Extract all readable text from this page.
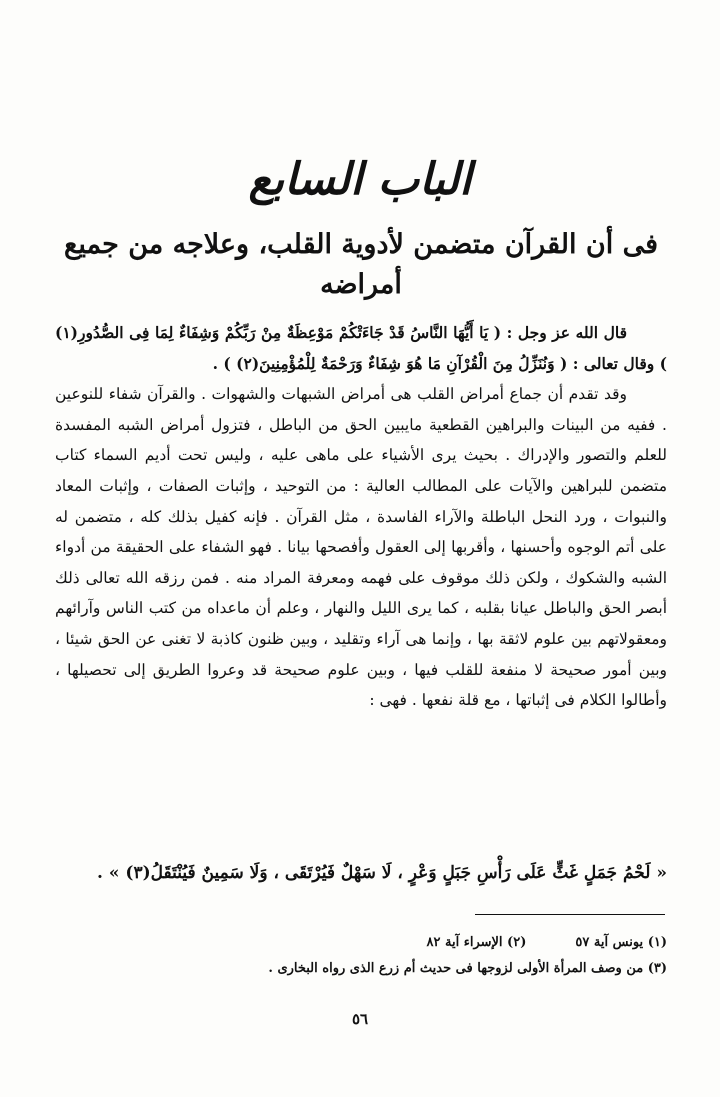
الباب السابع
فى أن القرآن متضمن لأدوية القلب، وعلاجه من جميع أمراضه

قال الله عز وجل : ( يَا أَيُّهَا النَّاسُ قَدْ جَاءَتْكُمْ مَوْعِظَةٌ مِنْ رَبِّكُمْ وَشِفَاءٌ لِمَا فِى الصُّدُورِ(١) ) وقال تعالى : ( وَنُنَزِّلُ مِنَ الْقُرْآنِ مَا هُوَ شِفَاءٌ وَرَحْمَةٌ لِلْمُؤْمِنِينَ(٢) ) .

وقد تقدم أن جماع أمراض القلب هى أمراض الشبهات والشهوات . والقرآن شفاء للنوعين . ففيه من البينات والبراهين القطعية مايبين الحق من الباطل ، فتزول أمراض الشبه المفسدة للعلم والتصور والإدراك . بحيث يرى الأشياء على ماهى عليه ، وليس تحت أديم السماء كتاب متضمن للبراهين والآيات على المطالب العالية : من التوحيد ، وإثبات الصفات ، وإثبات المعاد والنبوات ، ورد النحل الباطلة والآراء الفاسدة ، مثل القرآن . فإنه كفيل بذلك كله ، متضمن له على أتم الوجوه وأحسنها ، وأقربها إلى العقول وأفصحها بيانا . فهو الشفاء على الحقيقة من أدواء الشبه والشكوك ، ولكن ذلك موقوف على فهمه ومعرفة المراد منه . فمن رزقه الله تعالى ذلك أبصر الحق والباطل عيانا بقلبه ، كما يرى الليل والنهار ، وعلم أن ماعداه من كتب الناس وآرائهم ومعقولاتهم بين علوم لاثقة بها ، وإنما هى آراء وتقليد ، وبين ظنون كاذبة لا تغنى عن الحق شيئا ، وبين أمور صحيحة لا منفعة للقلب فيها ، وبين علوم صحيحة قد وعروا الطريق إلى تحصيلها ، وأطالوا الكلام فى إثباتها ، مع قلة نفعها . فهى :

« لَحْمُ جَمَلٍ غَثٍّ عَلَى رَأْسِ جَبَلٍ وَعْرٍ ، لَا سَهْلٌ فَيُرْتَقَى ، وَلَا سَمِينٌ فَيُنْتَقَلُ(٣) » .
(١) يونس آية ٥٧  (٢) الإسراء آية ٨٢
(٣) من وصف المرأة الأولى لزوجها فى حديث أم زرع الذى رواه البخارى .
٥٦
